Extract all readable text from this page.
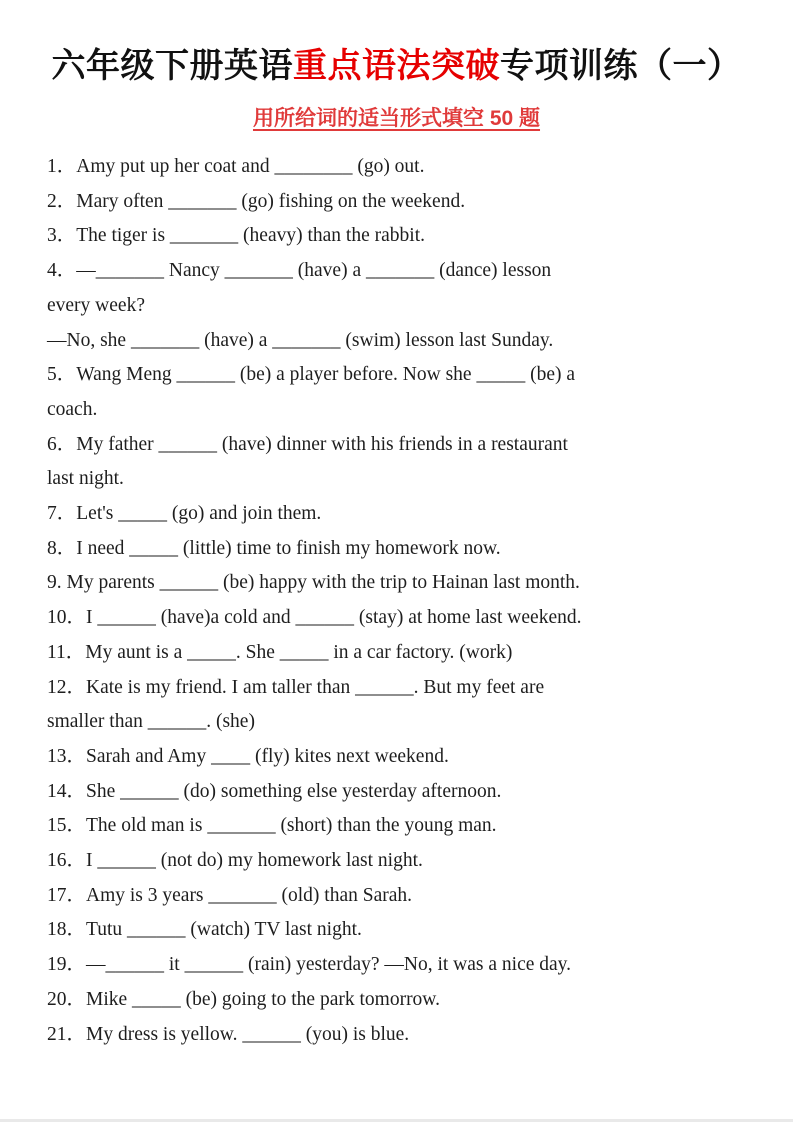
六年级下册英语重点语法突破专项训练（一）
用所给词的适当形式填空 50 题

1．Amy put up her coat and ________ (go) out.

2．Mary often _______ (go) fishing on the weekend.

3．The tiger is _______ (heavy) than the rabbit.

4．—_______ Nancy _______ (have) a _______ (dance) lesson

every week?

—No, she _______ (have) a _______ (swim) lesson last Sunday.

5．Wang Meng ______ (be) a player before. Now she _____ (be) a

coach.

6．My father ______ (have) dinner with his friends in a restaurant

last night.

7．Let's _____ (go) and join them.

8．I need _____ (little) time to finish my homework now.

9. My parents ______ (be) happy with the trip to Hainan last month.

10．I ______ (have)a cold and ______ (stay) at home last weekend.

11．My aunt is a _____. She _____ in a car factory. (work)

12．Kate is my friend. I am taller than ______. But my feet are

smaller than ______. (she)

13．Sarah and Amy ____ (fly) kites next weekend.

14．She ______ (do) something else yesterday afternoon.

15．The old man is _______ (short) than the young man.

16．I ______ (not do) my homework last night.

17．Amy is 3 years _______ (old) than Sarah.

18．Tutu ______ (watch) TV last night.

19．—______ it ______ (rain) yesterday? —No, it was a nice day.

20．Mike _____ (be) going to the park tomorrow.

21．My dress is yellow. ______ (you) is blue.
